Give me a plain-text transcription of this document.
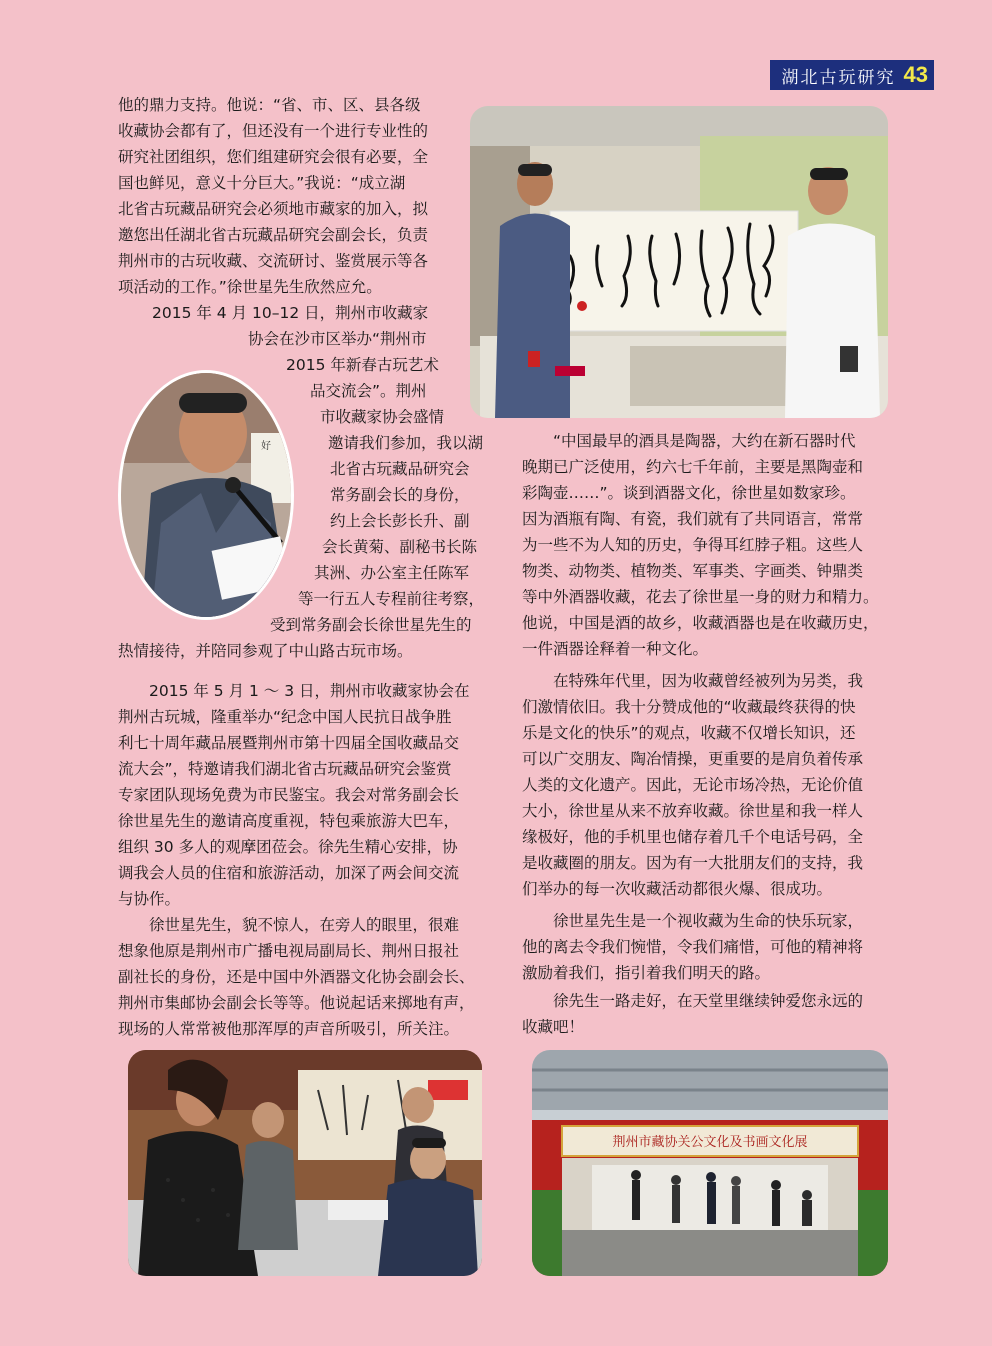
湖北古玩研究 43
他的鼎力支持。他说：“省、市、区、县各级
收藏协会都有了，但还没有一个进行专业性的
研究社团组织，您们组建研究会很有必要，全
国也鲜见，意义十分巨大。”我说：“成立湖
北省古玩藏品研究会必须地市藏家的加入，拟
邀您出任湖北省古玩藏品研究会副会长，负责
荆州市的古玩收藏、交流研讨、鉴赏展示等各
项活动的工作。”徐世星先生欣然应允。
2015 年 4 月 10–12 日，荆州市收藏家
协会在沙市区举办“荆州市
2015 年新春古玩艺术
品交流会”。荆州
市收藏家协会盛情
邀请我们参加，我以湖
北省古玩藏品研究会
常务副会长的身份，
约上会长彭长升、副
会长黄菊、副秘书长陈
其洲、办公室主任陈军
等一行五人专程前往考察，
受到常务副会长徐世星先生的
热情接待，并陪同参观了中山路古玩市场。
好
2015 年 5 月 1 ～ 3 日，荆州市收藏家协会在
荆州古玩城，隆重举办“纪念中国人民抗日战争胜
利七十周年藏品展暨荆州市第十四届全国收藏品交
流大会”，特邀请我们湖北省古玩藏品研究会鉴赏
专家团队现场免费为市民鉴宝。我会对常务副会长
徐世星先生的邀请高度重视，特包乘旅游大巴车，
组织 30 多人的观摩团莅会。徐先生精心安排，协
调我会人员的住宿和旅游活动，加深了两会间交流
与协作。
徐世星先生，貌不惊人，在旁人的眼里，很难
想象他原是荆州市广播电视局副局长、荆州日报社
副社长的身份，还是中国中外酒器文化协会副会长、
荆州市集邮协会副会长等等。他说起话来掷地有声，
现场的人常常被他那浑厚的声音所吸引，所关注。
“中国最早的酒具是陶器，大约在新石器时代
晚期已广泛使用，约六七千年前，主要是黑陶壶和
彩陶壶……”。谈到酒器文化，徐世星如数家珍。
因为酒瓶有陶、有瓷，我们就有了共同语言，常常
为一些不为人知的历史，争得耳红脖子粗。这些人
物类、动物类、植物类、军事类、字画类、钟鼎类
等中外酒器收藏，花去了徐世星一身的财力和精力。
他说，中国是酒的故乡，收藏酒器也是在收藏历史，
一件酒器诠释着一种文化。
在特殊年代里，因为收藏曾经被列为另类，我
们激情依旧。我十分赞成他的“收藏最终获得的快
乐是文化的快乐”的观点，收藏不仅增长知识，还
可以广交朋友、陶冶情操，更重要的是肩负着传承
人类的文化遗产。因此，无论市场冷热，无论价值
大小，徐世星从来不放弃收藏。徐世星和我一样人
缘极好，他的手机里也储存着几千个电话号码，全
是收藏圈的朋友。因为有一大批朋友们的支持，我
们举办的每一次收藏活动都很火爆、很成功。
徐世星先生是一个视收藏为生命的快乐玩家，
他的离去令我们惋惜，令我们痛惜，可他的精神将
激励着我们，指引着我们明天的路。
徐先生一路走好，在天堂里继续钟爱您永远的
收藏吧！
荆州市藏协关公文化及书画文化展
